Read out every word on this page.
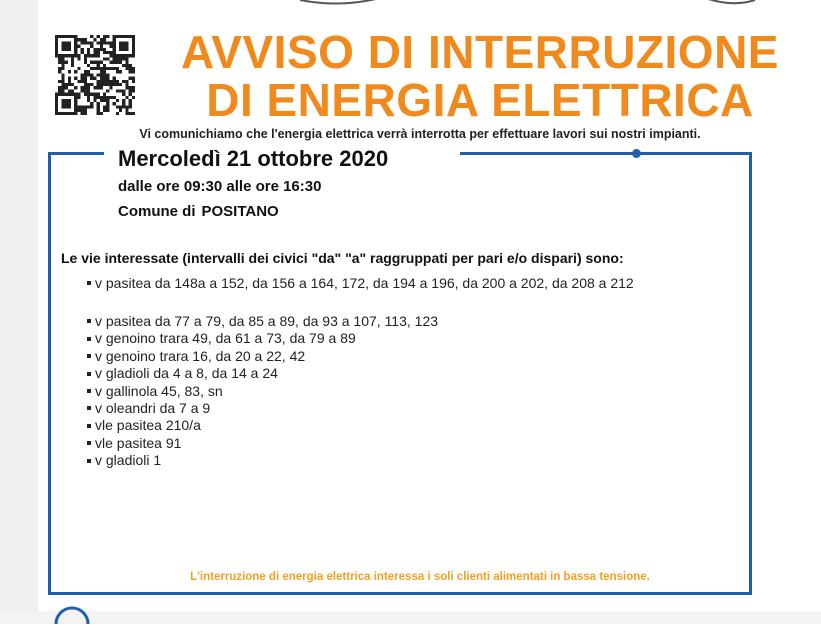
AVVISO DI INTERRUZIONE
DI ENERGIA ELETTRICA
Vi comunichiamo che l'energia elettrica verrà interrotta per effettuare lavori sui nostri impianti.
Mercoledì 21 ottobre 2020
dalle ore 09:30 alle ore 16:30
Comune di POSITANO
Le vie interessate (intervalli dei civici "da" "a" raggruppati per pari e/o dispari) sono:
v pasitea da 148a a 152, da 156 a 164, 172, da 194 a 196, da 200 a 202, da 208 a 212
v pasitea da 77 a 79, da 85 a 89, da 93 a 107, 113, 123
v genoino trara 49, da 61 a 73, da 79 a 89
v genoino trara 16, da 20 a 22, 42
v gladioli da 4 a 8, da 14 a 24
v gallinola 45, 83, sn
v oleandri da 7 a 9
vle pasitea 210/a
vle pasitea 91
v gladioli 1
L'interruzione di energia elettrica interessa i soli clienti alimentati in bassa tensione.
